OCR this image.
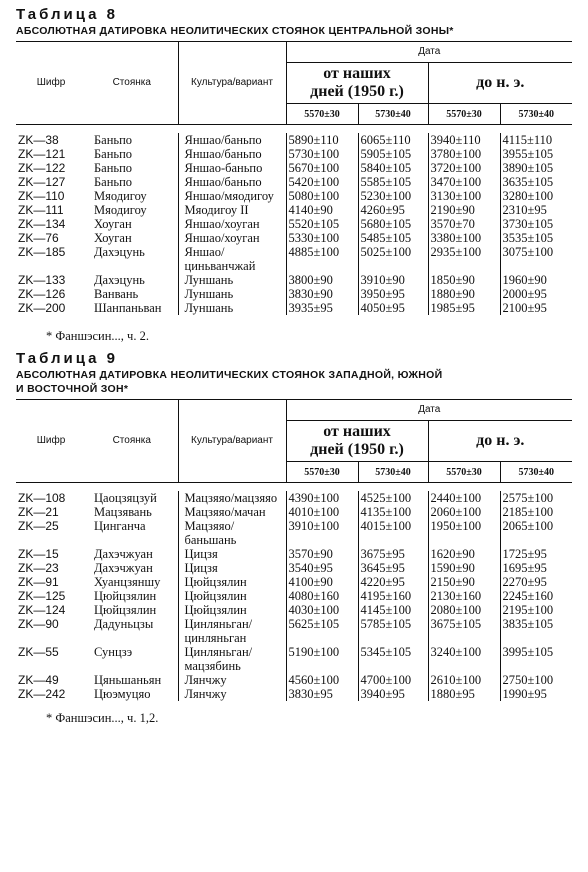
Таблица 8
АБСОЛЮТНАЯ ДАТИРОВКА НЕОЛИТИЧЕСКИХ СТОЯНОК ЦЕНТРАЛЬНОЙ ЗОНЫ*
Шифр	Стоянка	Культура/вариант	Дата			
			от наших дней (1950 г.)		до н. э.	
			5570±30	5730±40	5570±30	5730±40

ZK—38	Баньпо	Яншао/баньпо	5890±110	6065±110	3940±110	4115±110
ZK—121	Баньпо	Яншао/баньпо	5730±100	5905±105	3780±100	3955±105
ZK—122	Баньпо	Яншао-баньпо	5670±100	5840±105	3720±100	3890±105
ZK—127	Баньпо	Яншао/баньпо	5420±100	5585±105	3470±100	3635±105
ZK—110	Мяодигоу	Яншао/мяодигоу	5080±100	5230±100	3130±100	3280±100
ZK—111	Мяодигоу	Мяодигоу II	4140±90	4260±95	2190±90	2310±95
ZK—134	Хоуган	Яншао/хоуган	5520±105	5680±105	3570±70	3730±105
ZK—76	Хоуган	Яншао/хоуган	5330±100	5485±105	3380±100	3535±105
ZK—185	Дахэцунь	Яншао/циньванчжай	4885±100	5025±100	2935±100	3075±100
ZK—133	Дахэцунь	Луншань	3800±90	3910±90	1850±90	1960±90
ZK—126	Ванвань	Луншань	3830±90	3950±95	1880±90	2000±95
ZK—200	Шанпаньван	Луншань	3935±95	4050±95	1985±95	2100±95
* Фаншэсин..., ч. 2.
Таблица 9
АБСОЛЮТНАЯ ДАТИРОВКА НЕОЛИТИЧЕСКИХ СТОЯНОК ЗАПАДНОЙ, ЮЖНОЙ
И ВОСТОЧНОЙ ЗОН*
Шифр	Стоянка	Культура/вариант	Дата			
			от наших дней (1950 г.)		до н. э.	
			5570±30	5730±40	5570±30	5730±40

ZK—108	Цаоцзяцзуй	Мацзяяо/мацзяяо	4390±100	4525±100	2440±100	2575±100
ZK—21	Мацзявань	Мацзяяо/мачан	4010±100	4135±100	2060±100	2185±100
ZK—25	Цинганча	Мацзяяо/баньшань	3910±100	4015±100	1950±100	2065±100
ZK—15	Дахэчжуан	Цицзя	3570±90	3675±95	1620±90	1725±95
ZK—23	Дахэчжуан	Цицзя	3540±95	3645±95	1590±90	1695±95
ZK—91	Хуанцзяншу	Цюйцзялин	4100±90	4220±95	2150±90	2270±95
ZK—125	Цюйцзялин	Цюйцзялин	4080±160	4195±160	2130±160	2245±160
ZK—124	Цюйцзялин	Цюйцзялин	4030±100	4145±100	2080±100	2195±100
ZK—90	Дадуньцзы	Цинляньган/цинляньган	5625±105	5785±105	3675±105	3835±105
ZK—55	Сунцзэ	Цинляньган/мацзябинь	5190±100	5345±105	3240±100	3995±105
ZK—49	Цяньшаньян	Лянчжу	4560±100	4700±100	2610±100	2750±100
ZK—242	Цюэмуцяо	Лянчжу	3830±95	3940±95	1880±95	1990±95
* Фаншэсин..., ч. 1,2.
